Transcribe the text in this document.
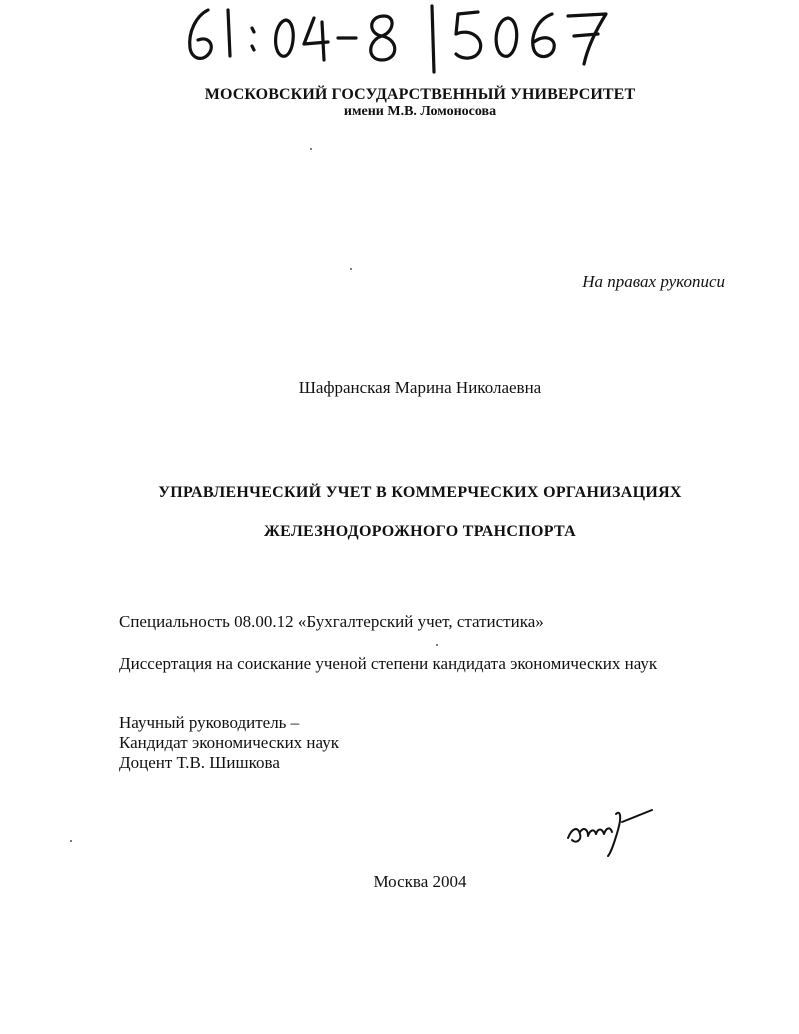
МОСКОВСКИЙ ГОСУДАРСТВЕННЫЙ УНИВЕРСИТЕТ
имени М.В. Ломоносова
На правах рукописи
Шафранская Марина Николаевна
УПРАВЛЕНЧЕСКИЙ УЧЕТ В КОММЕРЧЕСКИХ ОРГАНИЗАЦИЯХ
ЖЕЛЕЗНОДОРОЖНОГО ТРАНСПОРТА
Специальность 08.00.12 «Бухгалтерский учет, статистика»
Диссертация на соискание ученой степени кандидата экономических наук
Научный руководитель –
Кандидат экономических наук
Доцент Т.В. Шишкова
Москва 2004
